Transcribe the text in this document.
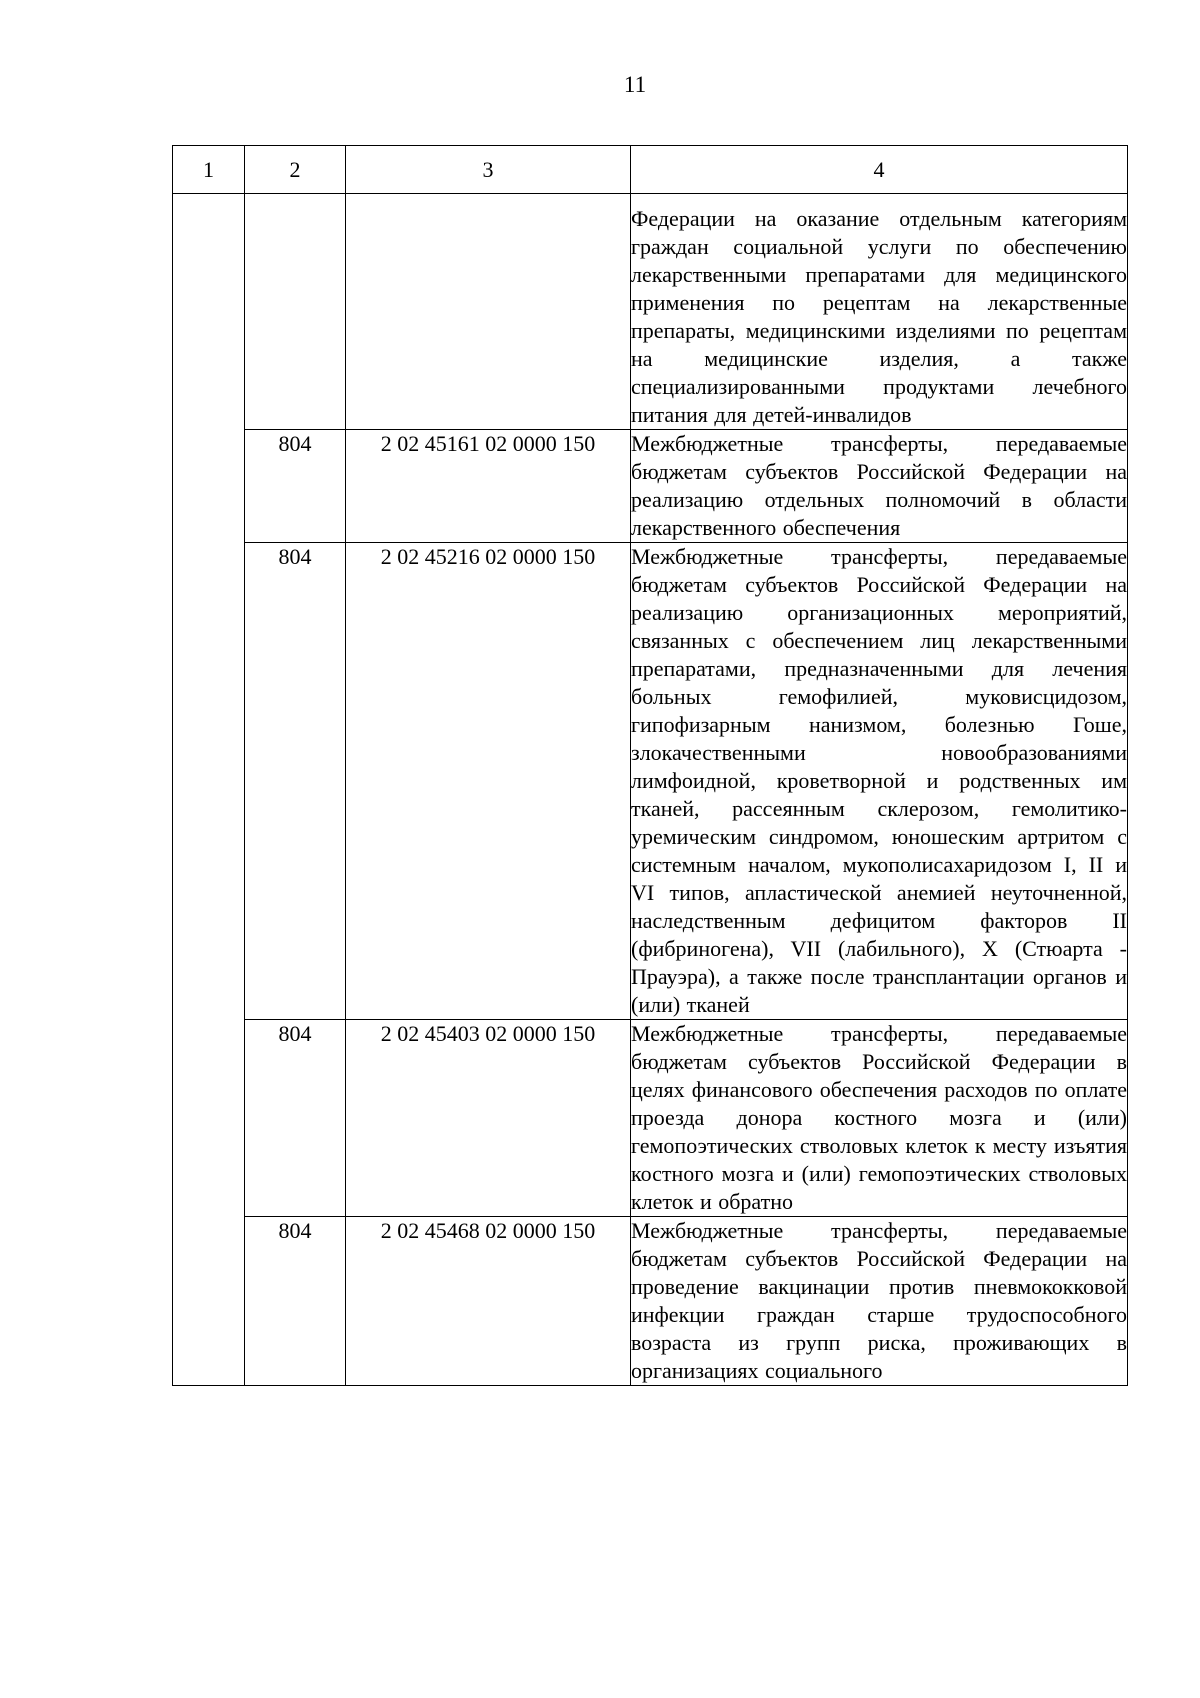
11
1	2	3	4
			Федерации на оказание отдельным категориям граждан социальной услуги по обеспечению лекарственными препаратами для медицинского применения по рецептам на лекарственные препараты, медицинскими изделиями по рецептам на медицинские изделия, а также специализированными продуктами лечебного питания для детей-инвалидов
	804	2 02 45161 02 0000 150	Межбюджетные трансферты, передаваемые бюджетам субъектов Российской Федерации на реализацию отдельных полномочий в области лекарственного обеспечения
	804	2 02 45216 02 0000 150	Межбюджетные трансферты, передаваемые бюджетам субъектов Российской Федерации на реализацию организационных мероприятий, связанных с обеспечением лиц лекарственными препаратами, предназначенными для лечения больных гемофилией, муковисцидозом, гипофизарным нанизмом, болезнью Гоше, злокачественными новообразованиями лимфоидной, кроветворной и родственных им тканей, рассеянным склерозом, гемолитико-уремическим синдромом, юношеским артритом с системным началом, мукополисахаридозом I, II и VI типов, апластической анемией неуточненной, наследственным дефицитом факторов II (фибриногена), VII (лабильного), X (Стюарта - Прауэра), а также после трансплантации органов и (или) тканей
	804	2 02 45403 02 0000 150	Межбюджетные трансферты, передаваемые бюджетам субъектов Российской Федерации в целях финансового обеспечения расходов по оплате проезда донора костного мозга и (или) гемопоэтических стволовых клеток к месту изъятия костного мозга и (или) гемопоэтических стволовых клеток и обратно
	804	2 02 45468 02 0000 150	Межбюджетные трансферты, передаваемые бюджетам субъектов Российской Федерации на проведение вакцинации против пневмококковой инфекции граждан старше трудоспособного возраста из групп риска, проживающих в организациях социального
